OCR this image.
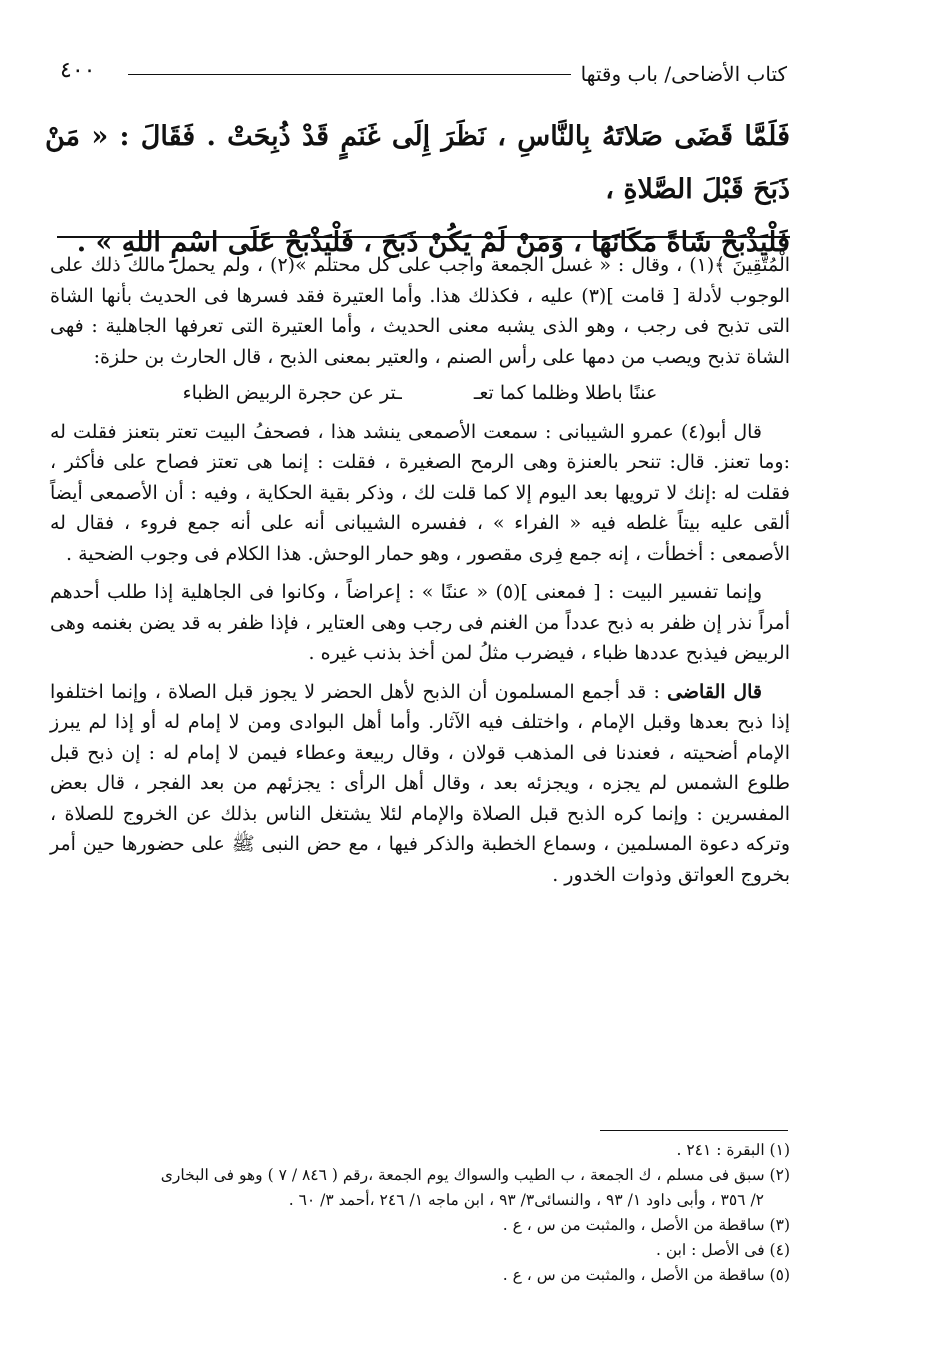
كتاب الأضاحى/ باب وقتها
٤٠٠

فَلَمَّا قَضَى صَلاتَهُ بِالنَّاسِ ، نَظَرَ إِلَى غَنَمٍ قَدْ ذُبِحَتْ . فَقَالَ : « مَنْ ذَبَحَ قَبْلَ الصَّلاةِ ،

فَلْيَذْبَحْ شَاةً مَكَانَهَا ، وَمَنْ لَمْ يَكُنْ ذَبَحَ ، فَلْيَذْبَحْ عَلَى اسْمِ اللهِ » .

الْمُتَّقِينَ ﴾(١) ، وقال : « غسل الجمعة واجب على كل محتلم »(٢) ، ولم يحمل مالك ذلك على الوجوب لأدلة [ قامت ](٣) عليه ، فكذلك هذا. وأما العتيرة فقد فسرها فى الحديث بأنها الشاة التى تذبح فى رجب ، وهو الذى يشبه معنى الحديث ، وأما العتيرة التى تعرفها الجاهلية : فهى الشاة تذبح ويصب من دمها على رأس الصنم ، والعتير بمعنى الذبح ، قال الحارث بن حلزة:

عننًا باطلا وظلما كما تعـ
ـتر عن حجرة الربيض الظباء

قال أبو(٤) عمرو الشيبانى : سمعت الأصمعى ينشد هذا ، فصحفُ البيت تعتر بتعنز فقلت له :وما تعنز. قال: تنحر بالعنزة وهى الرمح الصغيرة ، فقلت : إنما هى تعتز فصاح على فأكثر ، فقلت له :إنك لا ترويها بعد اليوم إلا كما قلت لك ، وذكر بقية الحكاية ، وفيه : أن الأصمعى أيضاً ألقى عليه بيتاً غلطه فيه « الفراء » ، ففسره الشيبانى أنه على أنه جمع فروء ، فقال له الأصمعى : أخطأت ، إنه جمع فِرى مقصور ، وهو حمار الوحش. هذا الكلام فى وجوب الضحية .

وإنما تفسير البيت : [ فمعنى ](٥) « عننًا » : إعراضاً ، وكانوا فى الجاهلية إذا طلب أحدهم أمراً نذر إن ظفر به ذبح عدداً من الغنم فى رجب وهى العتاير ، فإذا ظفر به قد يضن بغنمه وهى الربيض فيذبح عددها ظباء ، فيضرب مثلُ لمن أخذ بذنب غيره .

قال القاضى : قد أجمع المسلمون أن الذبح لأهل الحضر لا يجوز قبل الصلاة ، وإنما اختلفوا إذا ذبح بعدها وقبل الإمام ، واختلف فيه الآثار. وأما أهل البوادى ومن لا إمام له أو إذا لم يبرز الإمام أضحيته ، فعندنا فى المذهب قولان ، وقال ربيعة وعطاء فيمن لا إمام له : إن ذبح قبل طلوع الشمس لم يجزه ، ويجزئه بعد ، وقال أهل الرأى : يجزئهم من بعد الفجر ، قال بعض المفسرين : وإنما كره الذبح قبل الصلاة والإمام لئلا يشتغل الناس بذلك عن الخروج للصلاة ، وتركه دعوة المسلمين ، وسماع الخطبة والذكر فيها ، مع حض النبى ﷺ على حضورها حين أمر بخروج العواتق وذوات الخدور .

(١) البقرة : ٢٤١ .

(٢) سبق فى مسلم ، ك الجمعة ، ب الطيب والسواك يوم الجمعة ،رقم ( ٨٤٦ / ٧ ) وهو فى البخارى

٢/ ٣٥٦ ، وأبى داود ١/ ٩٣ ، والنسائى٣/ ٩٣ ، ابن ماجه ١/ ٢٤٦ ،أحمد ٣/ ٦٠ .

(٣) ساقطة من الأصل ، والمثبت من س ، ع .

(٤) فى الأصل : ابن .

(٥) ساقطة من الأصل ، والمثبت من س ، ع .
